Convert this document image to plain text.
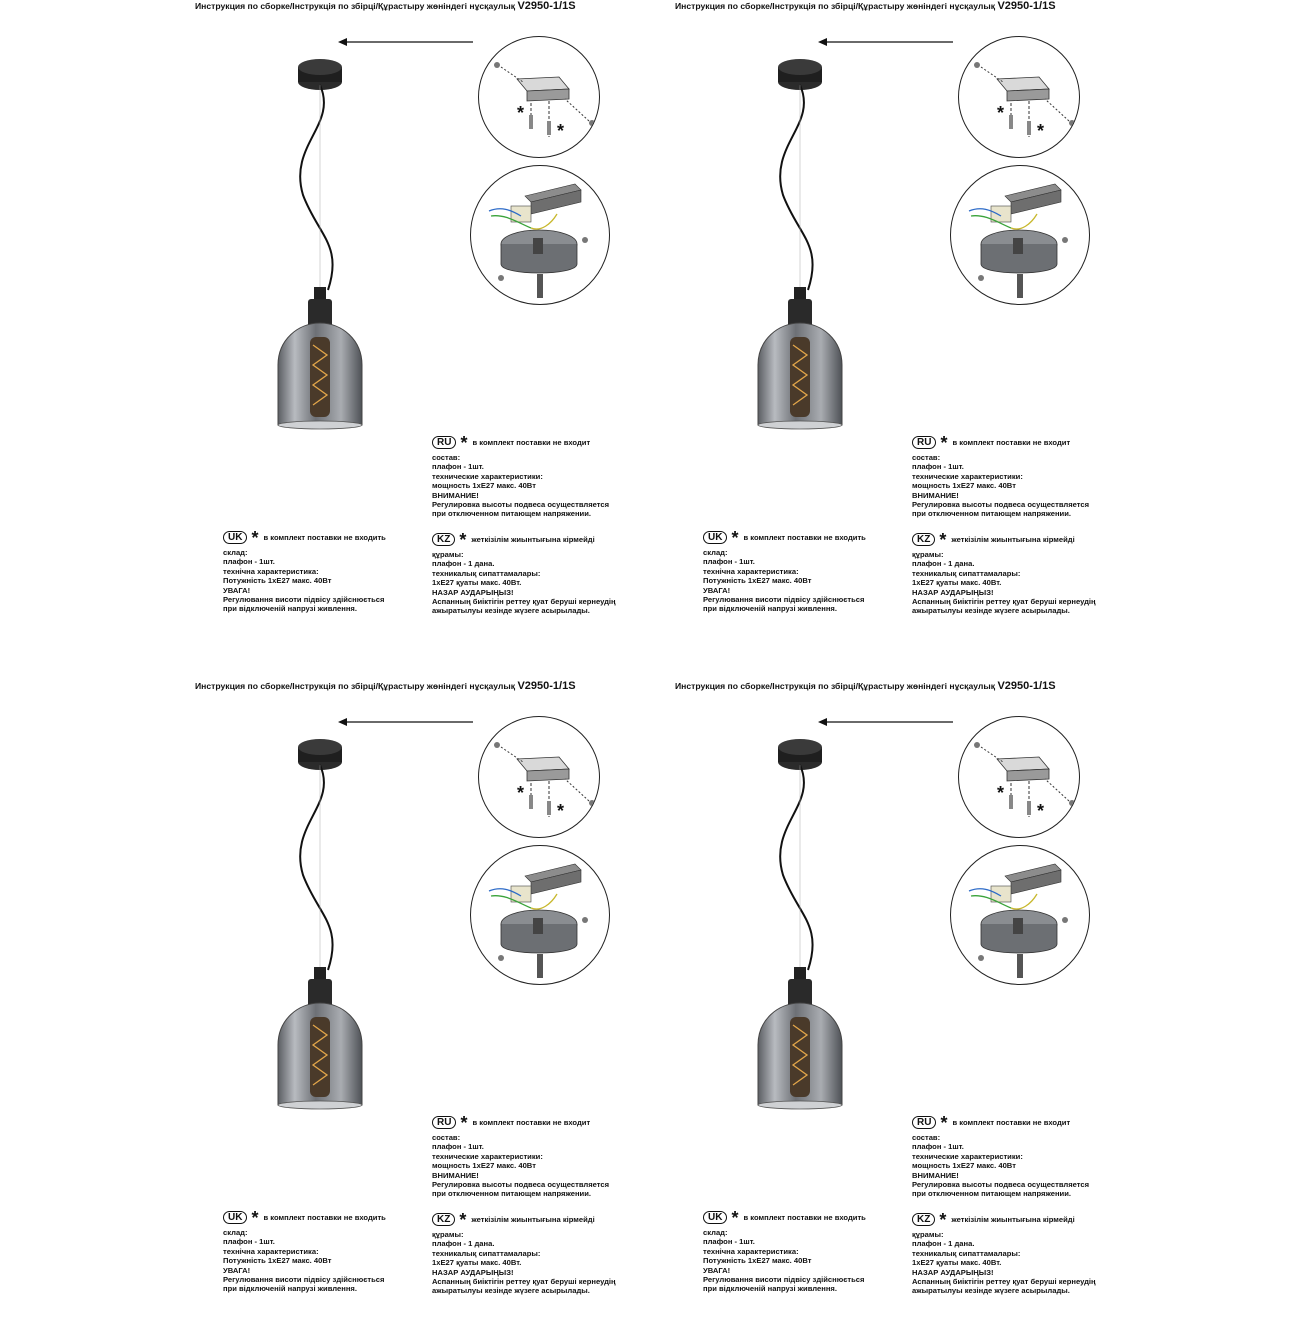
Инструкция по сборке/Інструкція по збірці/Құрастыру жөніндегі нұсқаулық V2950-1/1S
*
*
RU * в комплект поставки не входит
состав:
плафон - 1шт.
технические характеристики:
мощность 1хЕ27 макс. 40Вт
ВНИМАНИЕ!
Регулировка высоты подвеса осуществляется
при отключенном питающем напряжении.
UK * в комплект поставки не входить
склад:
плафон - 1шт.
технічна характеристика:
Потужність 1хЕ27 макс. 40Вт
УВАГА!
Регулювання висоти підвісу здійснюється
при відключеній напрузі живлення.
KZ * жеткізілім жиынтығына кірмейді
құрамы:
плафон - 1 дана.
техникалық сипаттамалары:
1хЕ27 қуаты макс. 40Вт.
НАЗАР АУДАРЫҢЫЗ!
Аспанның биіктігін реттеу қуат беруші кернеудің
ажыратылуы кезінде жүзеге асырылады.
Инструкция по сборке/Інструкція по збірці/Құрастыру жөніндегі нұсқаулық V2950-1/1S
*
*
RU * в комплект поставки не входит
состав:
плафон - 1шт.
технические характеристики:
мощность 1хЕ27 макс. 40Вт
ВНИМАНИЕ!
Регулировка высоты подвеса осуществляется
при отключенном питающем напряжении.
UK * в комплект поставки не входить
склад:
плафон - 1шт.
технічна характеристика:
Потужність 1хЕ27 макс. 40Вт
УВАГА!
Регулювання висоти підвісу здійснюється
при відключеній напрузі живлення.
KZ * жеткізілім жиынтығына кірмейді
құрамы:
плафон - 1 дана.
техникалық сипаттамалары:
1хЕ27 қуаты макс. 40Вт.
НАЗАР АУДАРЫҢЫЗ!
Аспанның биіктігін реттеу қуат беруші кернеудің
ажыратылуы кезінде жүзеге асырылады.
Инструкция по сборке/Інструкція по збірці/Құрастыру жөніндегі нұсқаулық V2950-1/1S
*
*
RU * в комплект поставки не входит
состав:
плафон - 1шт.
технические характеристики:
мощность 1хЕ27 макс. 40Вт
ВНИМАНИЕ!
Регулировка высоты подвеса осуществляется
при отключенном питающем напряжении.
UK * в комплект поставки не входить
склад:
плафон - 1шт.
технічна характеристика:
Потужність 1хЕ27 макс. 40Вт
УВАГА!
Регулювання висоти підвісу здійснюється
при відключеній напрузі живлення.
KZ * жеткізілім жиынтығына кірмейді
құрамы:
плафон - 1 дана.
техникалық сипаттамалары:
1хЕ27 қуаты макс. 40Вт.
НАЗАР АУДАРЫҢЫЗ!
Аспанның биіктігін реттеу қуат беруші кернеудің
ажыратылуы кезінде жүзеге асырылады.
Инструкция по сборке/Інструкція по збірці/Құрастыру жөніндегі нұсқаулық V2950-1/1S
*
*
RU * в комплект поставки не входит
состав:
плафон - 1шт.
технические характеристики:
мощность 1хЕ27 макс. 40Вт
ВНИМАНИЕ!
Регулировка высоты подвеса осуществляется
при отключенном питающем напряжении.
UK * в комплект поставки не входить
склад:
плафон - 1шт.
технічна характеристика:
Потужність 1хЕ27 макс. 40Вт
УВАГА!
Регулювання висоти підвісу здійснюється
при відключеній напрузі живлення.
KZ * жеткізілім жиынтығына кірмейді
құрамы:
плафон - 1 дана.
техникалық сипаттамалары:
1хЕ27 қуаты макс. 40Вт.
НАЗАР АУДАРЫҢЫЗ!
Аспанның биіктігін реттеу қуат беруші кернеудің
ажыратылуы кезінде жүзеге асырылады.
